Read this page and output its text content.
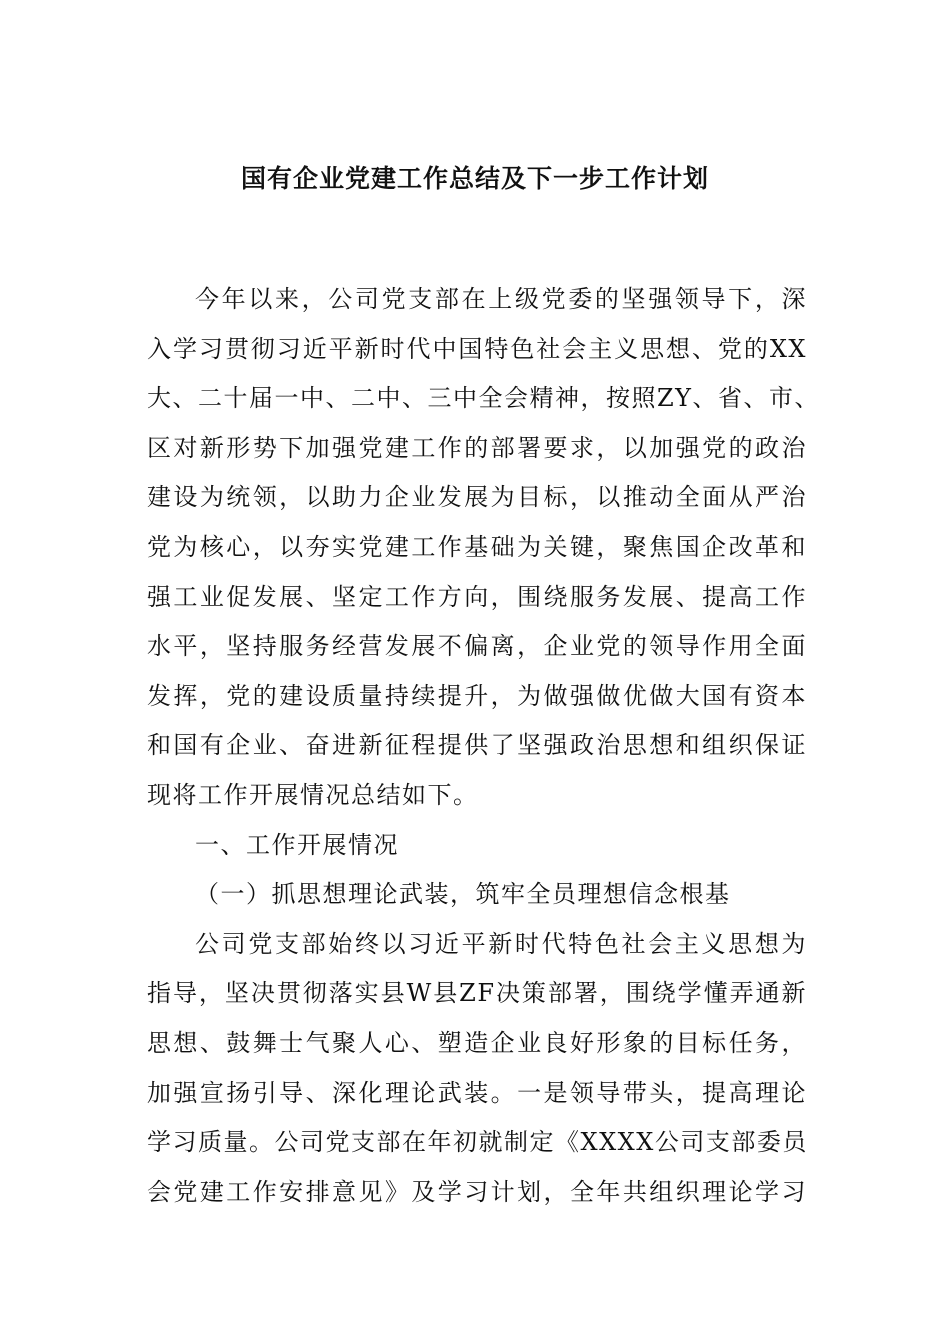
国有企业党建工作总结及下一步工作计划
今年以来，公司党支部在上级党委的坚强领导下，深
入学习贯彻习近平新时代中国特色社会主义思想、党的XX
大、二十届一中、二中、三中全会精神，按照ZY、省、市、
区对新形势下加强党建工作的部署要求，以加强党的政治
建设为统领，以助力企业发展为目标，以推动全面从严治
党为核心，以夯实党建工作基础为关键，聚焦国企改革和
强工业促发展、坚定工作方向，围绕服务发展、提高工作
水平，坚持服务经营发展不偏离，企业党的领导作用全面
发挥，党的建设质量持续提升，为做强做优做大国有资本
和国有企业、奋进新征程提供了坚强政治思想和组织保证
现将工作开展情况总结如下。
一、工作开展情况
（一）抓思想理论武装，筑牢全员理想信念根基
公司党支部始终以习近平新时代特色社会主义思想为
指导，坚决贯彻落实县W县ZF决策部署，围绕学懂弄通新
思想、鼓舞士气聚人心、塑造企业良好形象的目标任务，
加强宣扬引导、深化理论武装。一是领导带头，提高理论
学习质量。公司党支部在年初就制定《XXXX公司支部委员
会党建工作安排意见》及学习计划，全年共组织理论学习
